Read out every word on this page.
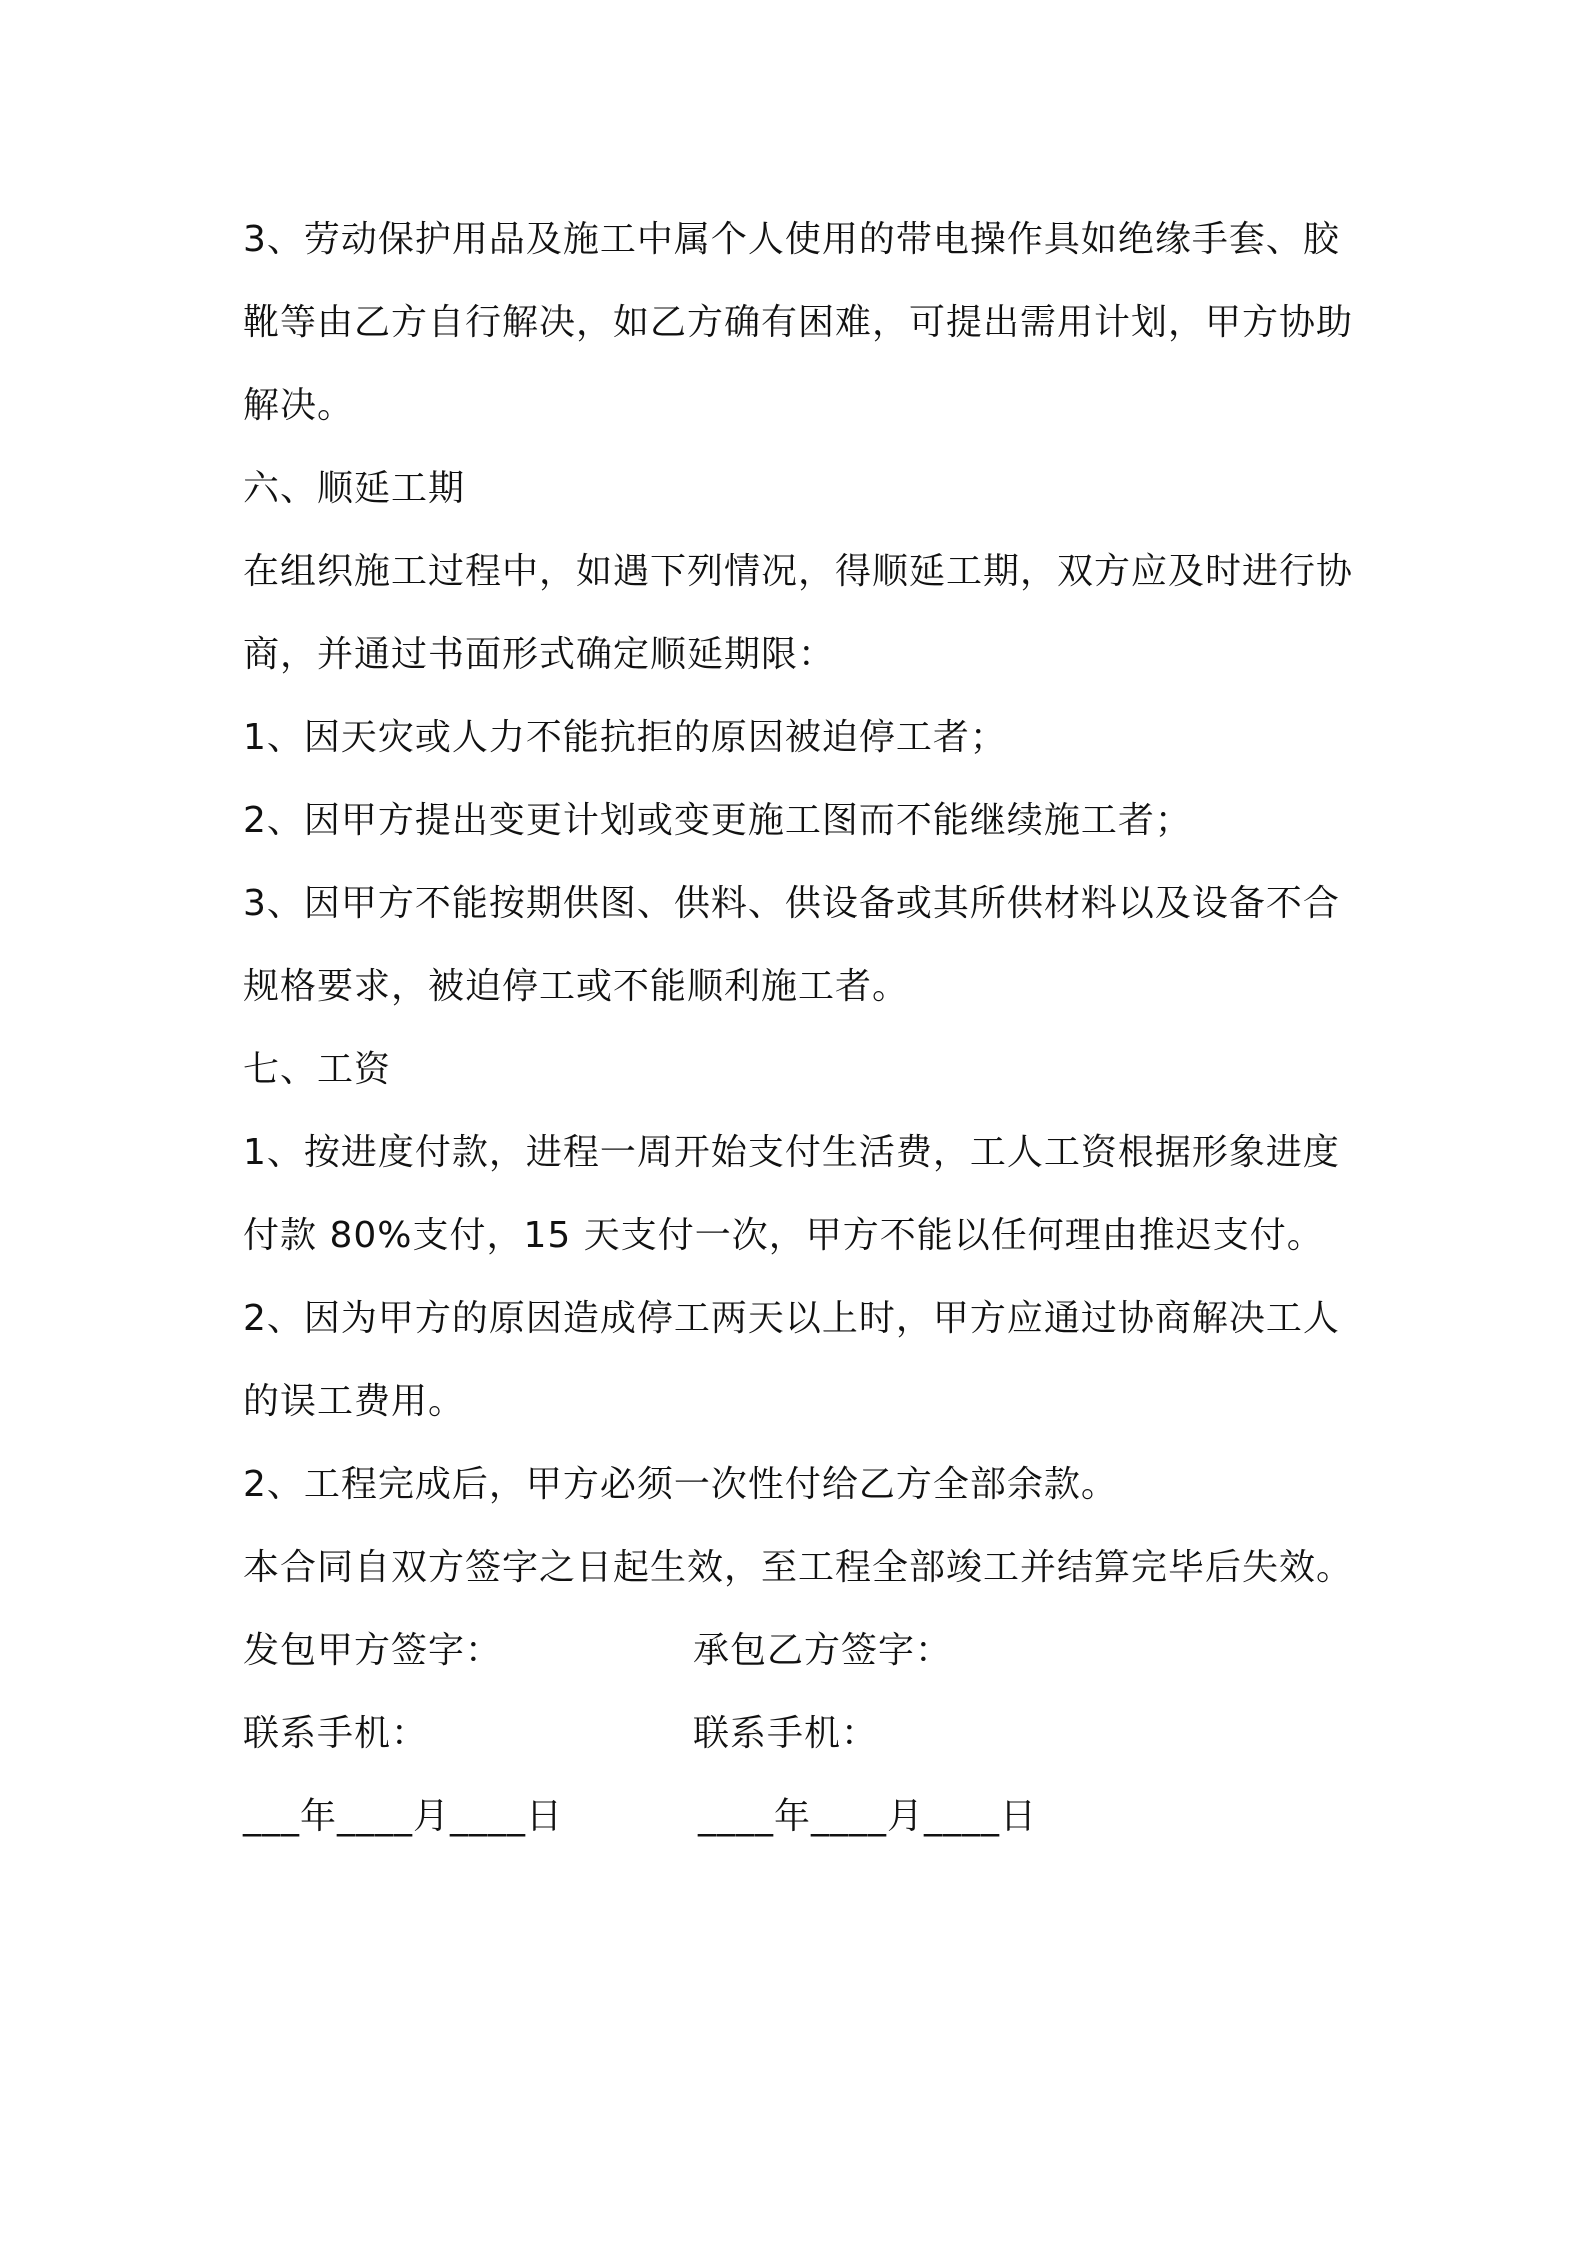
3、劳动保护用品及施工中属个人使用的带电操作具如绝缘手套、胶
靴等由乙方自行解决，如乙方确有困难，可提出需用计划，甲方协助
解决。
六、顺延工期
在组织施工过程中，如遇下列情况，得顺延工期，双方应及时进行协
商，并通过书面形式确定顺延期限：
1、因天灾或人力不能抗拒的原因被迫停工者；
2、因甲方提出变更计划或变更施工图而不能继续施工者；
3、因甲方不能按期供图、供料、供设备或其所供材料以及设备不合
规格要求，被迫停工或不能顺利施工者。
七、工资
1、按进度付款，进程一周开始支付生活费，工人工资根据形象进度
付款 80%支付，15 天支付一次，甲方不能以任何理由推迟支付。
2、因为甲方的原因造成停工两天以上时，甲方应通过协商解决工人
的误工费用。
2、工程完成后，甲方必须一次性付给乙方全部余款。
本合同自双方签字之日起生效，至工程全部竣工并结算完毕后失效。
发包甲方签字：	承包乙方签字：
联系手机：	联系手机：
___年____月____日	____年____月____日
